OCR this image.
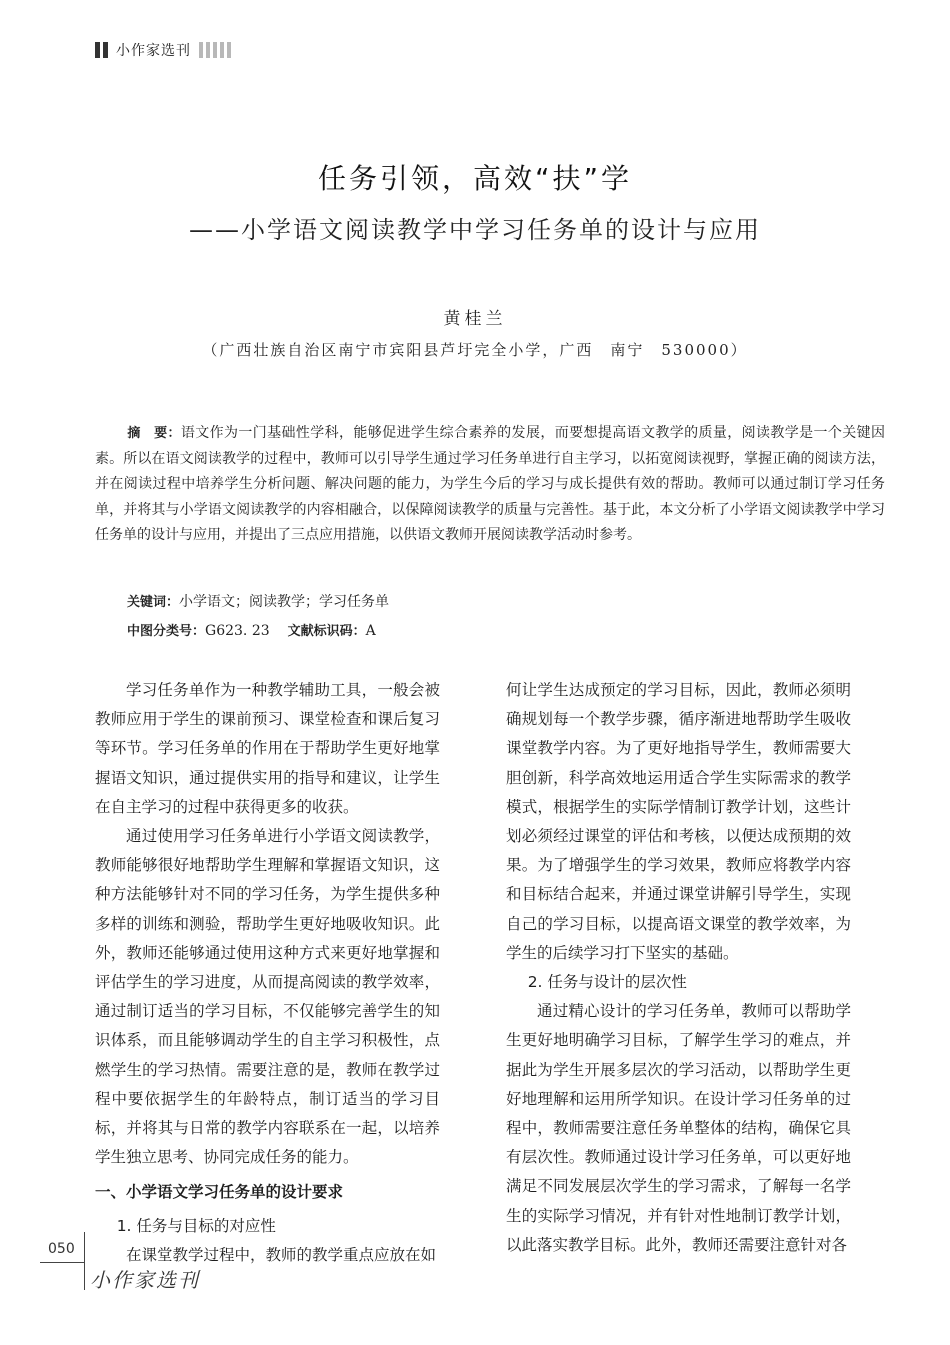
小作家选刊
任务引领，高效“扶”学
——小学语文阅读教学中学习任务单的设计与应用
黄桂兰
（广西壮族自治区南宁市宾阳县芦圩完全小学，广西　南宁　530000）
摘　要：语文作为一门基础性学科，能够促进学生综合素养的发展，而要想提高语文教学的质量，阅读教学是一个关键因素。所以在语文阅读教学的过程中，教师可以引导学生通过学习任务单进行自主学习，以拓宽阅读视野，掌握正确的阅读方法，并在阅读过程中培养学生分析问题、解决问题的能力，为学生今后的学习与成长提供有效的帮助。教师可以通过制订学习任务单，并将其与小学语文阅读教学的内容相融合，以保障阅读教学的质量与完善性。基于此，本文分析了小学语文阅读教学中学习任务单的设计与应用，并提出了三点应用措施，以供语文教师开展阅读教学活动时参考。
关键词：小学语文；阅读教学；学习任务单
中图分类号：G623. 23 文献标识码：A

学习任务单作为一种教学辅助工具，一般会被教师应用于学生的课前预习、课堂检查和课后复习等环节。学习任务单的作用在于帮助学生更好地掌握语文知识，通过提供实用的指导和建议，让学生在自主学习的过程中获得更多的收获。

通过使用学习任务单进行小学语文阅读教学，教师能够很好地帮助学生理解和掌握语文知识，这种方法能够针对不同的学习任务，为学生提供多种多样的训练和测验，帮助学生更好地吸收知识。此外，教师还能够通过使用这种方式来更好地掌握和评估学生的学习进度，从而提高阅读的教学效率，通过制订适当的学习目标，不仅能够完善学生的知识体系，而且能够调动学生的自主学习积极性，点燃学生的学习热情。需要注意的是，教师在教学过程中要依据学生的年龄特点，制订适当的学习目标，并将其与日常的教学内容联系在一起，以培养学生独立思考、协同完成任务的能力。

一、小学语文学习任务单的设计要求

1. 任务与目标的对应性

在课堂教学过程中，教师的教学重点应放在如

何让学生达成预定的学习目标，因此，教师必须明确规划每一个教学步骤，循序渐进地帮助学生吸收课堂教学内容。为了更好地指导学生，教师需要大胆创新，科学高效地运用适合学生实际需求的教学模式，根据学生的实际学情制订教学计划，这些计划必须经过课堂的评估和考核，以便达成预期的效果。为了增强学生的学习效果，教师应将教学内容和目标结合起来，并通过课堂讲解引导学生，实现自己的学习目标，以提高语文课堂的教学效率，为学生的后续学习打下坚实的基础。

2. 任务与设计的层次性

通过精心设计的学习任务单，教师可以帮助学生更好地明确学习目标，了解学生学习的难点，并据此为学生开展多层次的学习活动，以帮助学生更好地理解和运用所学知识。在设计学习任务单的过程中，教师需要注意任务单整体的结构，确保它具有层次性。教师通过设计学习任务单，可以更好地满足不同发展层次学生的学习需求，了解每一名学生的实际学习情况，并有针对性地制订教学计划，以此落实教学目标。此外，教师还需要注意针对各

050
小作家选刊
